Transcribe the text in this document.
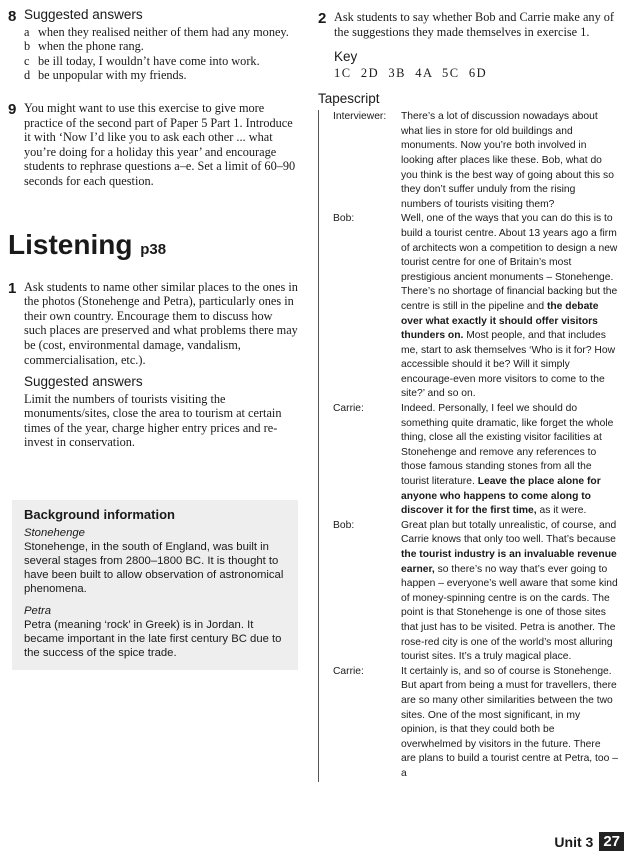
8 Suggested answers
a when they realised neither of them had any money.
b when the phone rang.
c be ill today, I wouldn’t have come into work.
d be unpopular with my friends.
9 You might want to use this exercise to give more practice of the second part of Paper 5 Part 1. Introduce it with ‘Now I’d like you to ask each other ... what you’re doing for a holiday this year’ and encourage students to rephrase questions a–e. Set a limit of 60–90 seconds for each question.
Listening p38
1 Ask students to name other similar places to the ones in the photos (Stonehenge and Petra), particularly ones in their own country. Encourage them to discuss how such places are preserved and what problems there may be (cost, environmental damage, vandalism, commercialisation, etc.).
Suggested answers
Limit the numbers of tourists visiting the monuments/sites, close the area to tourism at certain times of the year, charge higher entry prices and re-invest in conservation.
Background information
Stonehenge
Stonehenge, in the south of England, was built in several stages from 2800–1800 BC. It is thought to have been built to allow observation of astronomical phenomena.
Petra
Petra (meaning ‘rock’ in Greek) is in Jordan. It became important in the late first century BC due to the success of the spice trade.
2 Ask students to say whether Bob and Carrie make any of the suggestions they made themselves in exercise 1.
Key
1C  2D  3B  4A  5C  6D
Tapescript
Interviewer:	There’s a lot of discussion nowadays about what lies in store for old buildings and monuments. Now you’re both involved in looking after places like these. Bob, what do you think is the best way of going about this so they don’t suffer unduly from the rising numbers of tourists visiting them?
Bob:	Well, one of the ways that you can do this is to build a tourist centre. About 13 years ago a firm of architects won a competition to design a new tourist centre for one of Britain’s most prestigious ancient monuments – Stonehenge. There’s no shortage of financial backing but the centre is still in the pipeline and the debate over what exactly it should offer visitors thunders on. Most people, and that includes me, start to ask themselves ‘Who is it for? How accessible should it be? Will it simply encourage-even more visitors to come to the site?’ and so on.
Carrie:	Indeed. Personally, I feel we should do something quite dramatic, like forget the whole thing, close all the existing visitor facilities at Stonehenge and remove any references to those famous standing stones from all the tourist literature. Leave the place alone for anyone who happens to come along to discover it for the first time, as it were.
Bob:	Great plan but totally unrealistic, of course, and Carrie knows that only too well. That’s because the tourist industry is an invaluable revenue earner, so there’s no way that’s ever going to happen – everyone’s well aware that some kind of money-spinning centre is on the cards. The point is that Stonehenge is one of those sites that just has to be visited. Petra is another. The rose-red city is one of the world’s most alluring tourist sites. It’s a truly magical place.
Carrie:	It certainly is, and so of course is Stonehenge. But apart from being a must for travellers, there are so many other similarities between the two sites. One of the most significant, in my opinion, is that they could both be overwhelmed by visitors in the future. There are plans to build a tourist centre at Petra, too – a
Unit 3 27
